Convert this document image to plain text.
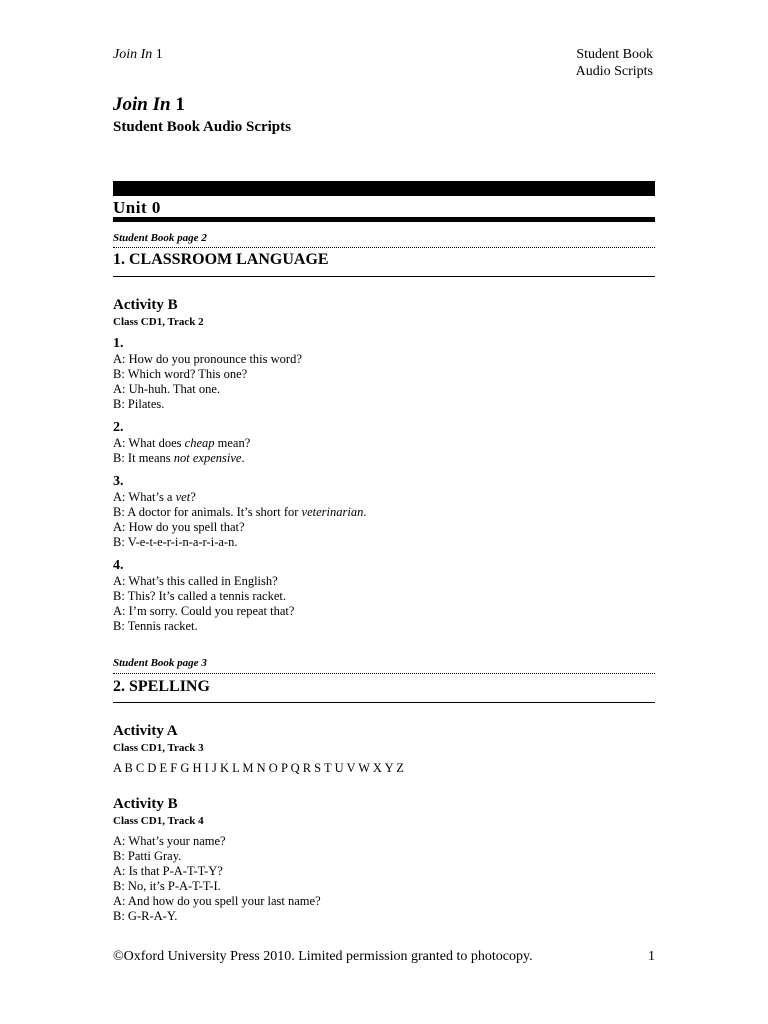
Join In 1	Student Book
Audio Scripts
Join In 1
Student Book Audio Scripts
Unit 0
Student Book page 2
1. CLASSROOM LANGUAGE
Activity B
Class CD1, Track 2
1.
A: How do you pronounce this word?
B: Which word? This one?
A: Uh-huh. That one.
B: Pilates.
2.
A: What does cheap mean?
B: It means not expensive.
3.
A: What’s a vet?
B: A doctor for animals. It’s short for veterinarian.
A: How do you spell that?
B: V-e-t-e-r-i-n-a-r-i-a-n.
4.
A: What’s this called in English?
B: This? It’s called a tennis racket.
A: I’m sorry. Could you repeat that?
B: Tennis racket.
Student Book page 3
2. SPELLING
Activity A
Class CD1, Track 3
A B C D E F G H I J K L M N O P Q R S T U V W X Y Z
Activity B
Class CD1, Track 4
A: What’s your name?
B: Patti Gray.
A: Is that P-A-T-T-Y?
B: No, it’s P-A-T-T-I.
A: And how do you spell your last name?
B: G-R-A-Y.
©Oxford University Press 2010. Limited permission granted to photocopy.	1
